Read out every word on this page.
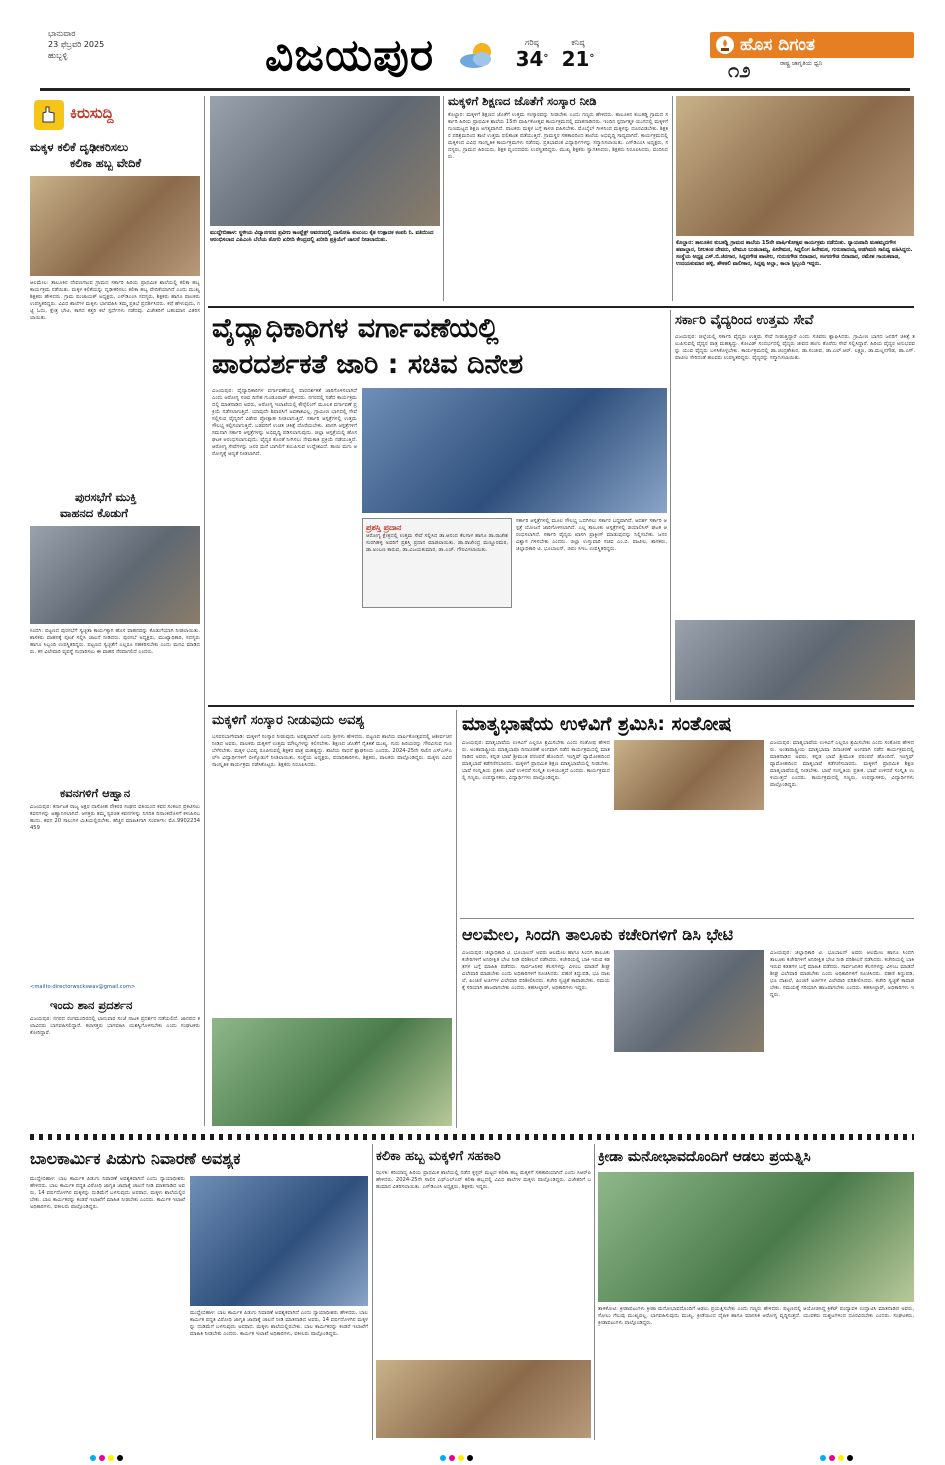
ಭಾನುವಾರ
23 ಫೆಬ್ರವರಿ 2025
ಹುಬ್ಬಳ್ಳಿ	ವಿಜಯಪುರ	ಗರಿಷ್ಠ
34°
ಕನಿಷ್ಠ
21°
ಹೊಸ ದಿಗಂತ
ರಾಷ್ಟ್ರ ಜಾಗೃತಿಯ ಧ್ವನಿ
೧೨
ಕಿರುಸುದ್ದಿ
ಮಕ್ಕಳ ಕಲಿಕೆ ದೃಢೀಕರಿಸಲು
ಕಲಿಕಾ ಹಬ್ಬ ವೇದಿಕೆ
ಆಲಮೇಲ: ತಾಲೂಕಿನ ದೇವಣಗಾಂವ ಗ್ರಾಮದ ಸರ್ಕಾರಿ ಹಿರಿಯ ಪ್ರಾಥಮಿಕ ಶಾಲೆಯಲ್ಲಿ ಕಲಿಕಾ ಹಬ್ಬ ಕಾರ್ಯಕ್ರಮ ನಡೆಯಿತು. ಮಕ್ಕಳ ಕಲಿಕೆಯನ್ನು ದೃಢೀಕರಿಸಲು ಕಲಿಕಾ ಹಬ್ಬ ವೇದಿಕೆಯಾಗಿದೆ ಎಂದು ಮುಖ್ಯ ಶಿಕ್ಷಕರು ಹೇಳಿದರು. ಗ್ರಾಮ ಪಂಚಾಯತ್ ಅಧ್ಯಕ್ಷರು, ಎಸ್‌ಡಿಎಂಸಿ ಸದಸ್ಯರು, ಶಿಕ್ಷಕರು ಹಾಗೂ ಪಾಲಕರು ಉಪಸ್ಥಿತರಿದ್ದರು. ವಿವಿಧ ಶಾಲೆಗಳ ಮಕ್ಕಳು ಭಾಗವಹಿಸಿ ತಮ್ಮ ಪ್ರತಿಭೆ ಪ್ರದರ್ಶಿಸಿದರು. ಕಥೆ ಹೇಳುವುದು, ಗಟ್ಟಿ ಓದು, ಕ್ಷೇತ್ರ ಭೇಟಿ, ಕಾಗದ ಕತ್ತರಿ ಕಲೆ ಸ್ಪರ್ಧೆಗಳು ನಡೆದವು. ವಿಜೇತರಿಗೆ ಬಹುಮಾನ ವಿತರಿಸಲಾಯಿತು.
ಪುರಸಭೆಗೆ ಮುಕ್ತಿ
ವಾಹನದ ಕೊಡುಗೆ
ಸಿಂದಗಿ: ಪಟ್ಟಣದ ಪುರಸಭೆಗೆ ಸ್ವಚ್ಛತಾ ಕಾರ್ಯಕ್ಕಾಗಿ ಹೊಸ ವಾಹನವನ್ನು ಕೊಡುಗೆಯಾಗಿ ನೀಡಲಾಯಿತು. ಶಾಸಕರು ವಾಹನಕ್ಕೆ ಪೂಜೆ ಸಲ್ಲಿಸಿ ಚಾಲನೆ ನೀಡಿದರು. ಪುರಸಭೆ ಅಧ್ಯಕ್ಷರು, ಮುಖ್ಯಾಧಿಕಾರಿ, ಸದಸ್ಯರು ಹಾಗೂ ಸಿಬ್ಬಂದಿ ಉಪಸ್ಥಿತರಿದ್ದರು. ಪಟ್ಟಣದ ಸ್ವಚ್ಛತೆಗೆ ಎಲ್ಲರೂ ಸಹಕರಿಸಬೇಕು ಎಂದು ಮನವಿ ಮಾಡಿದರು. ಕಸ ವಿಲೇವಾರಿ ವ್ಯವಸ್ಥೆ ಸುಧಾರಿಸಲು ಈ ವಾಹನ ನೆರವಾಗಲಿದೆ ಎಂದರು.
ಕವನಗಳಿಗೆ ಆಹ್ವಾನ
ವಿಜಯಪುರ: ಕರ್ನಾಟಕ ರಾಜ್ಯ ಅಕ್ಷರ ದಾಸೋಹ ನೌಕರರ ಸಂಘದ ವತಿಯಿಂದ ಕವನ ಸಂಕಲನ ಪ್ರಕಟಿಸಲು ಕವನಗಳನ್ನು ಆಹ್ವಾನಿಸಲಾಗಿದೆ. ಆಸಕ್ತರು ತಮ್ಮ ಸ್ವರಚಿತ ಕವನಗಳನ್ನು ನಿಗದಿತ ದಿನಾಂಕದೊಳಗೆ ಕಳುಹಿಸಬಹುದು. ಕವನ 20 ಸಾಲುಗಳ ಮಿತಿಯಲ್ಲಿರಬೇಕು. ಹೆಚ್ಚಿನ ಮಾಹಿತಿಗಾಗಿ ಸಂಪರ್ಕಿಸಿ: ಮೊ.9902234459
<mailto:directorwsckswav@gmail.com>
ಇಂದು ಶಾನ ಪ್ರದರ್ಶನ
ವಿಜಯಪುರ: ನಗರದ ರಂಗಮಂದಿರದಲ್ಲಿ ಭಾನುವಾರ ಸಂಜೆ ನಾಟಕ ಪ್ರದರ್ಶನ ನಡೆಯಲಿದೆ. ಜಾನಪದ ಕಲಾವಿದರು ಭಾಗವಹಿಸಲಿದ್ದಾರೆ. ಕಲಾಸಕ್ತರು ಭಾಗವಹಿಸಿ ಯಶಸ್ವಿಗೊಳಿಸಬೇಕು ಎಂದು ಸಂಘಟಕರು ಕೋರಿದ್ದಾರೆ.
ಮುದ್ದೇಬಿಹಾಳ: ಸ್ಥಳೀಯ ವಿದ್ಯಾನಗರದ ಪ್ರವೀಣ ಕಾಂಪ್ಲೆಕ್ಸ್ ಆವರಣದಲ್ಲಿ ದಾಸೋಹಿ ಕುಟುಂಬ ಕೈತ ಉತ್ಪಾದಕ ಕಂಪನಿ ನಿ. ವತಿಯಿಂದ ಆರಂಭಿಸಲಾದ ಎಪಿಎಂಸಿ ಬೆಲೆಯ ತೊಗರಿ ಖರೀದಿ ಕೇಂದ್ರದಲ್ಲಿ ಖರೀದಿ ಪ್ರಕ್ರಿಯೆಗೆ ಚಾಲನೆ ನೀಡಲಾಯಿತು.
ಮಕ್ಕಳಿಗೆ ಶಿಕ್ಷಣದ ಜೊತೆಗೆ ಸಂಸ್ಕಾರ ನೀಡಿ
ಕೊಲ್ಹಾರ: ಮಕ್ಕಳಿಗೆ ಶಿಕ್ಷಣದ ಜೊತೆಗೆ ಉತ್ತಮ ಸಂಸ್ಕಾರವನ್ನು ನೀಡಬೇಕು ಎಂದು ಗಣ್ಯರು ಹೇಳಿದರು. ತಾಲೂಕಿನ ಕುಬಕಡ್ಡಿ ಗ್ರಾಮದ ಸರ್ಕಾರಿ ಹಿರಿಯ ಪ್ರಾಥಮಿಕ ಶಾಲೆಯ 15ನೇ ವಾರ್ಷಿಕೋತ್ಸವ ಕಾರ್ಯಕ್ರಮದಲ್ಲಿ ಮಾತನಾಡಿದರು. ಇಂದಿನ ಸ್ಪರ್ಧಾತ್ಮಕ ಯುಗದಲ್ಲಿ ಮಕ್ಕಳಿಗೆ ಗುಣಮಟ್ಟದ ಶಿಕ್ಷಣ ಅಗತ್ಯವಾಗಿದೆ. ಪಾಲಕರು ಮಕ್ಕಳ ಬಗ್ಗೆ ಕಾಳಜಿ ವಹಿಸಬೇಕು. ಮೊಬೈಲ್ ಗೀಳಿನಿಂದ ಮಕ್ಕಳನ್ನು ದೂರವಿಡಬೇಕು. ಶಿಕ್ಷಕರ ಪರಿಶ್ರಮದಿಂದ ಶಾಲೆ ಉತ್ತಮ ಫಲಿತಾಂಶ ಪಡೆಯುತ್ತಿದೆ. ಗ್ರಾಮಸ್ಥರ ಸಹಕಾರದಿಂದ ಶಾಲೆಯ ಅಭಿವೃದ್ಧಿ ಸಾಧ್ಯವಾಗಿದೆ. ಕಾರ್ಯಕ್ರಮದಲ್ಲಿ ಮಕ್ಕಳಿಂದ ವಿವಿಧ ಸಾಂಸ್ಕೃತಿಕ ಕಾರ್ಯಕ್ರಮಗಳು ನಡೆದವು. ಪ್ರತಿಭಾವಂತ ವಿದ್ಯಾರ್ಥಿಗಳನ್ನು ಸನ್ಮಾನಿಸಲಾಯಿತು. ಎಸ್‌ಡಿಎಂಸಿ ಅಧ್ಯಕ್ಷರು, ಸದಸ್ಯರು, ಗ್ರಾಮದ ಹಿರಿಯರು, ಶಿಕ್ಷಕ ವೃಂದದವರು ಉಪಸ್ಥಿತರಿದ್ದರು. ಮುಖ್ಯ ಶಿಕ್ಷಕರು ಸ್ವಾಗತಿಸಿದರು, ಶಿಕ್ಷಕರು ನಿರೂಪಿಸಿದರು, ವಂದಿಸಿದರು.
ಕೊಲ್ಹಾರ: ತಾಲೂಕಿನ ಕುಬಕಡ್ಡಿ ಗ್ರಾಮದ ಶಾಲೆಯ 15ನೇ ವಾರ್ಷಿಕೋತ್ಸವ ಕಾರ್ಯಕ್ರಮ ನಡೆಯಿತು. ನ್ಯಾಯವಾದಿ ಮಹಮ್ಮದಗೌಸ ಹವಾಲ್ದಾರ, ನೀಲಕಂಠ ದೇವರು, ವೇಮೂ ಬುಡಬಾಮ್ಯ, ಪೀರೇಮನ, ಸಿದ್ದಲಿಂಗ ಹಿರೇಮಠ, ಗುರುಪಾದಯ್ಯ ಆಡಗಿಮನಿ ಸಾನಿಧ್ಯ ವಹಿಸಿದ್ದರು. ಸಂಸ್ಥೆಯ ಅಧ್ಯಕ್ಷ ಎಸ್.ಬಿ.ಜಿರಗಾರ, ಸಿದ್ದನಗೌಡ ಪಾಟೀಲ, ಗುರುನಗೌಡ ಬಿರಾದಾರ, ಸಂಗನಗೌಡ ಬಿರಾದಾರ, ರಮೇಶ ಗಾಯಕವಾಡ, ಉದಯಕುಮಾರ ಹಳ್ಳಿ, ಶೌಕತಲಿ ವಾಲೀಕಾರ, ಸಿದ್ದಪ್ಪ ಅಲ್ಲಾ, ಕಾಲಾ ಸ್ಟಿಬ್ಬಂದಿ ಇದ್ದರು.
ವೈದ್ಯಾಧಿಕಾರಿಗಳ ವರ್ಗಾವಣೆಯಲ್ಲಿ
ಪಾರದರ್ಶಕತೆ ಜಾರಿ : ಸಚಿವ ದಿನೇಶ
ವಿಜಯಪುರ: ವೈದ್ಯಾಧಿಕಾರಿಗಳ ವರ್ಗಾವಣೆಯಲ್ಲಿ ಪಾರದರ್ಶಕತೆ ಜಾರಿಗೊಳಿಸಲಾಗಿದೆ ಎಂದು ಆರೋಗ್ಯ ಸಚಿವ ದಿನೇಶ ಗುಂಡೂರಾವ್ ಹೇಳಿದರು. ನಗರದಲ್ಲಿ ನಡೆದ ಕಾರ್ಯಕ್ರಮದಲ್ಲಿ ಮಾತನಾಡಿದ ಅವರು, ಆರೋಗ್ಯ ಇಲಾಖೆಯಲ್ಲಿ ಕೌನ್ಸೆಲಿಂಗ್ ಮೂಲಕ ವರ್ಗಾವಣೆ ಪ್ರಕ್ರಿಯೆ ನಡೆಸಲಾಗುತ್ತಿದೆ. ಯಾವುದೇ ಶಿಫಾರಸಿಗೆ ಅವಕಾಶವಿಲ್ಲ. ಗ್ರಾಮೀಣ ಭಾಗದಲ್ಲಿ ಸೇವೆ ಸಲ್ಲಿಸುವ ವೈದ್ಯರಿಗೆ ವಿಶೇಷ ಪ್ರೋತ್ಸಾಹ ನೀಡಲಾಗುತ್ತಿದೆ. ಸರ್ಕಾರಿ ಆಸ್ಪತ್ರೆಗಳಲ್ಲಿ ಉತ್ತಮ ಸೌಲಭ್ಯ ಕಲ್ಪಿಸಲಾಗುತ್ತಿದೆ. ಬಡವರಿಗೆ ಉಚಿತ ಚಿಕಿತ್ಸೆ ದೊರೆಯಬೇಕು. ಖಾಸಗಿ ಆಸ್ಪತ್ರೆಗಳಿಗೆ ಸಮನಾಗಿ ಸರ್ಕಾರಿ ಆಸ್ಪತ್ರೆಗಳನ್ನು ಅಭಿವೃದ್ಧಿ ಪಡಿಸಲಾಗುವುದು. ಜಿಲ್ಲಾ ಆಸ್ಪತ್ರೆಯಲ್ಲಿ ಹೊಸ ಘಟಕ ಆರಂಭಿಸಲಾಗುವುದು. ವೈದ್ಯರ ಕೊರತೆ ನೀಗಿಸಲು ನೇಮಕಾತಿ ಪ್ರಕ್ರಿಯೆ ನಡೆಯುತ್ತಿದೆ. ಆರೋಗ್ಯ ಸೇವೆಗಳನ್ನು ಜನರ ಮನೆ ಬಾಗಿಲಿಗೆ ತಲುಪಿಸುವ ಉದ್ದೇಶವಿದೆ. ತಾಯಿ ಮಗು ಆರೋಗ್ಯಕ್ಕೆ ಆದ್ಯತೆ ನೀಡಲಾಗಿದೆ.
ಪ್ರಶಸ್ತಿ ಪ್ರದಾನ
ಆರೋಗ್ಯ ಕ್ಷೇತ್ರದಲ್ಲಿ ಉತ್ತಮ ಸೇವೆ ಸಲ್ಲಿಸಿದ ಡಾ.ಆನಂದ ಕೆಲಗಾಳ ಹಾಗೂ ಡಾ.ರಾಜೇಶ ಸುರಗಿಹಳ್ಳಿ ಅವರಿಗೆ ಪ್ರಶಸ್ತಿ ಪ್ರದಾನ ಮಾಡಲಾಯಿತು. ಡಾ.ರಾಜೇಂದ್ರ ಮಣ್ಣೂರಮಠ, ಡಾ.ಅಂಬಣ ಕಾರುವ, ಡಾ.ವಿಜಯಕುಮಾರ, ಡಾ.ಎಚ್. ಗೌರವಿಸಲಾಯಿತು.
ಸರ್ಕಾರಿ ಆಸ್ಪತ್ರೆಗಳಲ್ಲಿ ಮೂಲ ಸೌಲಭ್ಯ ಒದಗಿಸಲು ಸರ್ಕಾರ ಬದ್ಧವಾಗಿದೆ. ಆದರ್ಶ ಸರ್ಕಾರಿ ಆಸ್ಪತ್ರೆ ಯೋಜನೆ ಜಾರಿಗೊಳಿಸಲಾಗಿದೆ. ಎಲ್ಲ ತಾಲೂಕು ಆಸ್ಪತ್ರೆಗಳಲ್ಲಿ ಡಯಾಲಿಸಿಸ್ ಘಟಕ ಆರಂಭಿಸಲಾಗಿದೆ. ಸರ್ಕಾರಿ ವೈದ್ಯರು ಖಾಸಗಿ ಪ್ರಾಕ್ಟೀಸ್ ಮಾಡುವುದನ್ನು ನಿಲ್ಲಿಸಬೇಕು. ಜನರ ವಿಶ್ವಾಸ ಗಳಿಸಬೇಕು ಎಂದರು. ಜಿಲ್ಲಾ ಉಸ್ತುವಾರಿ ಸಚಿವ ಎಂ.ಬಿ. ಪಾಟೀಲ, ಶಾಸಕರು, ಜಿಲ್ಲಾಧಿಕಾರಿ ಟಿ. ಭೂಬಾಲನ್, ಜಿಪಂ ಸಿಇಒ ಉಪಸ್ಥಿತರಿದ್ದರು.
ಸರ್ಕಾರಿ ವೈದ್ಯರಿಂದ ಉತ್ತಮ ಸೇವೆ
ವಿಜಯಪುರ: ಜಿಲ್ಲೆಯಲ್ಲಿ ಸರ್ಕಾರಿ ವೈದ್ಯರು ಉತ್ತಮ ಸೇವೆ ನೀಡುತ್ತಿದ್ದಾರೆ ಎಂದು ಸಚಿವರು ಶ್ಲಾಘಿಸಿದರು. ಗ್ರಾಮೀಣ ಭಾಗದ ಜನರಿಗೆ ಚಿಕಿತ್ಸೆ ತಲುಪಿಸುವಲ್ಲಿ ವೈದ್ಯರ ಪಾತ್ರ ಮಹತ್ವದ್ದು. ಕೋವಿಡ್ ಸಂದರ್ಭದಲ್ಲಿ ವೈದ್ಯರು ಜೀವದ ಹಂಗು ತೊರೆದು ಸೇವೆ ಸಲ್ಲಿಸಿದ್ದಾರೆ. ಹಿರಿಯ ವೈದ್ಯರ ಅನುಭವವನ್ನು ಯುವ ವೈದ್ಯರು ಬಳಸಿಕೊಳ್ಳಬೇಕು. ಕಾರ್ಯಕ್ರಮದಲ್ಲಿ ಡಾ.ಚಂದ್ರಶೇಖರ, ಡಾ.ಸಂಜೀವ, ಡಾ.ಎಲ್.ಆರ್. ಲಕ್ಷ್ಮಣ, ಡಾ.ಮಲ್ಲನಗೌಡ, ಡಾ.ಎಸ್. ಪಾಟೀಲ ಸೇರಿದಂತೆ ಹಲವರು ಉಪಸ್ಥಿತರಿದ್ದರು. ವೈದ್ಯರನ್ನು ಸನ್ಮಾನಿಸಲಾಯಿತು.
ಮಕ್ಕಳಿಗೆ ಸಂಸ್ಕಾರ ನೀಡುವುದು ಅವಶ್ಯ
ಬಸವನಬಾಗೇವಾಡಿ: ಮಕ್ಕಳಿಗೆ ಸಂಸ್ಕಾರ ನೀಡುವುದು ಅವಶ್ಯವಾಗಿದೆ ಎಂದು ಶ್ರೀಗಳು ಹೇಳಿದರು. ಪಟ್ಟಣದ ಶಾಲೆಯ ವಾರ್ಷಿಕೋತ್ಸವದಲ್ಲಿ ಆಶೀರ್ವಚನ ನೀಡಿದ ಅವರು, ಪಾಲಕರು ಮಕ್ಕಳಿಗೆ ಉತ್ತಮ ಮೌಲ್ಯಗಳನ್ನು ಕಲಿಸಬೇಕು. ಶಿಕ್ಷಣದ ಜೊತೆಗೆ ನೈತಿಕತೆ ಮುಖ್ಯ. ಗುರು ಹಿರಿಯರನ್ನು ಗೌರವಿಸುವ ಗುಣ ಬೆಳೆಸಬೇಕು. ಮಕ್ಕಳ ಭವಿಷ್ಯ ರೂಪಿಸುವಲ್ಲಿ ಶಿಕ್ಷಕರ ಪಾತ್ರ ಮಹತ್ವದ್ದು. ಶಾಲೆಯ ಸಾಧನೆ ಶ್ಲಾಘನೀಯ ಎಂದರು. 2024-25ನೇ ಸಾಲಿನ ಎಸ್‌ಎಸ್‌ಎಲ್‌ಸಿ ವಿದ್ಯಾರ್ಥಿಗಳಿಗೆ ಬೀಳ್ಕೊಡುಗೆ ನೀಡಲಾಯಿತು. ಸಂಸ್ಥೆಯ ಅಧ್ಯಕ್ಷರು, ಪದಾಧಿಕಾರಿಗಳು, ಶಿಕ್ಷಕರು, ಪಾಲಕರು ಪಾಲ್ಗೊಂಡಿದ್ದರು. ಮಕ್ಕಳು ವಿವಿಧ ಸಾಂಸ್ಕೃತಿಕ ಕಾರ್ಯಕ್ರಮ ನಡೆಸಿಕೊಟ್ಟರು. ಶಿಕ್ಷಕರು ನಿರೂಪಿಸಿದರು.
ಮಾತೃಭಾಷೆಯ ಉಳಿವಿಗೆ ಶ್ರಮಿಸಿ: ಸಂತೋಷ
ವಿಜಯಪುರ: ಮಾತೃಭಾಷೆಯ ಉಳಿವಿಗೆ ಎಲ್ಲರೂ ಶ್ರಮಿಸಬೇಕು ಎಂದು ಸಂತೋಷ ಹೇಳಿದರು. ಅಂತಾರಾಷ್ಟ್ರೀಯ ಮಾತೃಭಾಷಾ ದಿನಾಚರಣೆ ಅಂಗವಾಗಿ ನಡೆದ ಕಾರ್ಯಕ್ರಮದಲ್ಲಿ ಮಾತನಾಡಿದ ಅವರು, ಕನ್ನಡ ಭಾಷೆ ಶ್ರೀಮಂತ ಪರಂಪರೆ ಹೊಂದಿದೆ. ಇಂಗ್ಲಿಷ್ ವ್ಯಾಮೋಹದಿಂದ ಮಾತೃಭಾಷೆ ಕಡೆಗಣಿಸಬಾರದು. ಮಕ್ಕಳಿಗೆ ಪ್ರಾಥಮಿಕ ಶಿಕ್ಷಣ ಮಾತೃಭಾಷೆಯಲ್ಲಿ ನೀಡಬೇಕು. ಭಾಷೆ ಸಂಸ್ಕೃತಿಯ ಪ್ರತೀಕ. ಭಾಷೆ ಉಳಿದರೆ ಸಂಸ್ಕೃತಿ ಉಳಿಯುತ್ತದೆ ಎಂದರು. ಕಾರ್ಯಕ್ರಮದಲ್ಲಿ ಗಣ್ಯರು, ಉಪನ್ಯಾಸಕರು, ವಿದ್ಯಾರ್ಥಿಗಳು ಪಾಲ್ಗೊಂಡಿದ್ದರು.
ವಿಜಯಪುರ: ಮಾತೃಭಾಷೆಯ ಉಳಿವಿಗೆ ಎಲ್ಲರೂ ಶ್ರಮಿಸಬೇಕು ಎಂದು ಸಂತೋಷ ಹೇಳಿದರು. ಅಂತಾರಾಷ್ಟ್ರೀಯ ಮಾತೃಭಾಷಾ ದಿನಾಚರಣೆ ಅಂಗವಾಗಿ ನಡೆದ ಕಾರ್ಯಕ್ರಮದಲ್ಲಿ ಮಾತನಾಡಿದ ಅವರು, ಕನ್ನಡ ಭಾಷೆ ಶ್ರೀಮಂತ ಪರಂಪರೆ ಹೊಂದಿದೆ. ಇಂಗ್ಲಿಷ್ ವ್ಯಾಮೋಹದಿಂದ ಮಾತೃಭಾಷೆ ಕಡೆಗಣಿಸಬಾರದು. ಮಕ್ಕಳಿಗೆ ಪ್ರಾಥಮಿಕ ಶಿಕ್ಷಣ ಮಾತೃಭಾಷೆಯಲ್ಲಿ ನೀಡಬೇಕು. ಭಾಷೆ ಸಂಸ್ಕೃತಿಯ ಪ್ರತೀಕ. ಭಾಷೆ ಉಳಿದರೆ ಸಂಸ್ಕೃತಿ ಉಳಿಯುತ್ತದೆ ಎಂದರು. ಕಾರ್ಯಕ್ರಮದಲ್ಲಿ ಗಣ್ಯರು, ಉಪನ್ಯಾಸಕರು, ವಿದ್ಯಾರ್ಥಿಗಳು ಪಾಲ್ಗೊಂಡಿದ್ದರು.
ಆಲಮೇಲ, ಸಿಂದಗಿ ತಾಲೂಕು ಕಚೇರಿಗಳಿಗೆ ಡಿಸಿ ಭೇಟಿ
ವಿಜಯಪುರ: ಜಿಲ್ಲಾಧಿಕಾರಿ ಟಿ. ಭೂಬಾಲನ್ ಅವರು ಆಲಮೇಲ ಹಾಗೂ ಸಿಂದಗಿ ತಾಲೂಕು ಕಚೇರಿಗಳಿಗೆ ಅನಿರೀಕ್ಷಿತ ಭೇಟಿ ನೀಡಿ ಪರಿಶೀಲನೆ ನಡೆಸಿದರು. ಕಚೇರಿಯಲ್ಲಿ ಬಾಕಿ ಇರುವ ಕಡತಗಳ ಬಗ್ಗೆ ಮಾಹಿತಿ ಪಡೆದರು. ಸಾರ್ವಜನಿಕರ ಕೆಲಸಗಳನ್ನು ವಿಳಂಬ ಮಾಡದೆ ಶೀಘ್ರ ವಿಲೇವಾರಿ ಮಾಡಬೇಕು ಎಂದು ಅಧಿಕಾರಿಗಳಿಗೆ ಸೂಚಿಸಿದರು. ಪಹಣಿ ತಿದ್ದುಪಡಿ, ಭೂ ದಾಖಲೆ, ಪಿಂಚಣಿ ಅರ್ಜಿಗಳ ವಿಲೇವಾರಿ ಪರಿಶೀಲಿಸಿದರು. ಕಚೇರಿ ಸ್ವಚ್ಛತೆ ಕಾಪಾಡಬೇಕು. ಸಮಯಕ್ಕೆ ಸರಿಯಾಗಿ ಹಾಜರಾಗಬೇಕು ಎಂದರು. ತಹಸೀಲ್ದಾರ್, ಅಧಿಕಾರಿಗಳು ಇದ್ದರು.
ವಿಜಯಪುರ: ಜಿಲ್ಲಾಧಿಕಾರಿ ಟಿ. ಭೂಬಾಲನ್ ಅವರು ಆಲಮೇಲ ಹಾಗೂ ಸಿಂದಗಿ ತಾಲೂಕು ಕಚೇರಿಗಳಿಗೆ ಅನಿರೀಕ್ಷಿತ ಭೇಟಿ ನೀಡಿ ಪರಿಶೀಲನೆ ನಡೆಸಿದರು. ಕಚೇರಿಯಲ್ಲಿ ಬಾಕಿ ಇರುವ ಕಡತಗಳ ಬಗ್ಗೆ ಮಾಹಿತಿ ಪಡೆದರು. ಸಾರ್ವಜನಿಕರ ಕೆಲಸಗಳನ್ನು ವಿಳಂಬ ಮಾಡದೆ ಶೀಘ್ರ ವಿಲೇವಾರಿ ಮಾಡಬೇಕು ಎಂದು ಅಧಿಕಾರಿಗಳಿಗೆ ಸೂಚಿಸಿದರು. ಪಹಣಿ ತಿದ್ದುಪಡಿ, ಭೂ ದಾಖಲೆ, ಪಿಂಚಣಿ ಅರ್ಜಿಗಳ ವಿಲೇವಾರಿ ಪರಿಶೀಲಿಸಿದರು. ಕಚೇರಿ ಸ್ವಚ್ಛತೆ ಕಾಪಾಡಬೇಕು. ಸಮಯಕ್ಕೆ ಸರಿಯಾಗಿ ಹಾಜರಾಗಬೇಕು ಎಂದರು. ತಹಸೀಲ್ದಾರ್, ಅಧಿಕಾರಿಗಳು ಇದ್ದರು.
ಬಾಲಕಾರ್ಮಿಕ ಪಿಡುಗು ನಿವಾರಣೆ ಅವಶ್ಯಕ
ಮುದ್ದೇಬಿಹಾಳ: ಬಾಲ ಕಾರ್ಮಿಕ ಪಿಡುಗು ನಿವಾರಣೆ ಅವಶ್ಯಕವಾಗಿದೆ ಎಂದು ನ್ಯಾಯಾಧೀಶರು ಹೇಳಿದರು. ಬಾಲ ಕಾರ್ಮಿಕ ಪದ್ಧತಿ ವಿರೋಧಿ ಜಾಗೃತಿ ಜಾಥಾಕ್ಕೆ ಚಾಲನೆ ನೀಡಿ ಮಾತನಾಡಿದ ಅವರು, 14 ವರ್ಷದೊಳಗಿನ ಮಕ್ಕಳನ್ನು ದುಡಿಮೆಗೆ ಬಳಸುವುದು ಅಪರಾಧ. ಮಕ್ಕಳು ಶಾಲೆಯಲ್ಲಿರಬೇಕು. ಬಾಲ ಕಾರ್ಮಿಕರನ್ನು ಕಂಡರೆ ಇಲಾಖೆಗೆ ಮಾಹಿತಿ ನೀಡಬೇಕು ಎಂದರು. ಕಾರ್ಮಿಕ ಇಲಾಖೆ ಅಧಿಕಾರಿಗಳು, ವಕೀಲರು ಪಾಲ್ಗೊಂಡಿದ್ದರು.
ಮುದ್ದೇಬಿಹಾಳ: ಬಾಲ ಕಾರ್ಮಿಕ ಪಿಡುಗು ನಿವಾರಣೆ ಅವಶ್ಯಕವಾಗಿದೆ ಎಂದು ನ್ಯಾಯಾಧೀಶರು ಹೇಳಿದರು. ಬಾಲ ಕಾರ್ಮಿಕ ಪದ್ಧತಿ ವಿರೋಧಿ ಜಾಗೃತಿ ಜಾಥಾಕ್ಕೆ ಚಾಲನೆ ನೀಡಿ ಮಾತನಾಡಿದ ಅವರು, 14 ವರ್ಷದೊಳಗಿನ ಮಕ್ಕಳನ್ನು ದುಡಿಮೆಗೆ ಬಳಸುವುದು ಅಪರಾಧ. ಮಕ್ಕಳು ಶಾಲೆಯಲ್ಲಿರಬೇಕು. ಬಾಲ ಕಾರ್ಮಿಕರನ್ನು ಕಂಡರೆ ಇಲಾಖೆಗೆ ಮಾಹಿತಿ ನೀಡಬೇಕು ಎಂದರು. ಕಾರ್ಮಿಕ ಇಲಾಖೆ ಅಧಿಕಾರಿಗಳು, ವಕೀಲರು ಪಾಲ್ಗೊಂಡಿದ್ದರು.
ಕಲಿಕಾ ಹಬ್ಬ ಮಕ್ಕಳಿಗೆ ಸಹಕಾರಿ
ಝಳಕಿ: ಕರಿಯಾದ್ಯ ಹಿರಿಯ ಪ್ರಾಥಮಿಕ ಶಾಲೆಯಲ್ಲಿ ನಡೆದ ಕ್ಲಸ್ಟರ್ ಮಟ್ಟದ ಕಲಿಕಾ ಹಬ್ಬ ಮಕ್ಕಳಿಗೆ ಸಹಕಾರಿಯಾಗಿದೆ ಎಂದು ಸಿಆರ್‌ಪಿ ಹೇಳಿದರು. 2024-25ನೇ ಸಾಲಿನ ಎಫ್‌ಎಲ್‌ಎನ್ ಕಲಿಕಾ ಹಬ್ಬದಲ್ಲಿ ವಿವಿಧ ಶಾಲೆಗಳ ಮಕ್ಕಳು ಪಾಲ್ಗೊಂಡಿದ್ದರು. ವಿಜೇತರಿಗೆ ಬಹುಮಾನ ವಿತರಿಸಲಾಯಿತು. ಎಸ್‌ಡಿಎಂಸಿ ಅಧ್ಯಕ್ಷರು, ಶಿಕ್ಷಕರು ಇದ್ದರು.
ಕ್ರೀಡಾ ಮನೋಭಾವದೊಂದಿಗೆ ಆಡಲು ಪ್ರಯತ್ನಿಸಿ
ತಾಳಿಕೋಟಿ: ಕ್ರೀಡಾಪಟುಗಳು ಕ್ರೀಡಾ ಮನೋಭಾವದೊಂದಿಗೆ ಆಡಲು ಪ್ರಯತ್ನಿಸಬೇಕು ಎಂದು ಗಣ್ಯರು ಹೇಳಿದರು. ಪಟ್ಟಣದಲ್ಲಿ ಆಯೋಜಿಸಿದ್ದ ಕ್ರಿಕೆಟ್ ಪಂದ್ಯಾವಳಿ ಉದ್ಘಾಟಿಸಿ ಮಾತನಾಡಿದ ಅವರು, ಸೋಲು ಗೆಲುವು ಮುಖ್ಯವಲ್ಲ. ಭಾಗವಹಿಸುವುದು ಮುಖ್ಯ. ಕ್ರೀಡೆಯಿಂದ ದೈಹಿಕ ಹಾಗೂ ಮಾನಸಿಕ ಆರೋಗ್ಯ ವೃದ್ಧಿಸುತ್ತದೆ. ಯುವಕರು ದುಶ್ಚಟಗಳಿಂದ ದೂರವಿರಬೇಕು ಎಂದರು. ಸಂಘಟಕರು, ಕ್ರೀಡಾಪಟುಗಳು ಪಾಲ್ಗೊಂಡಿದ್ದರು.
